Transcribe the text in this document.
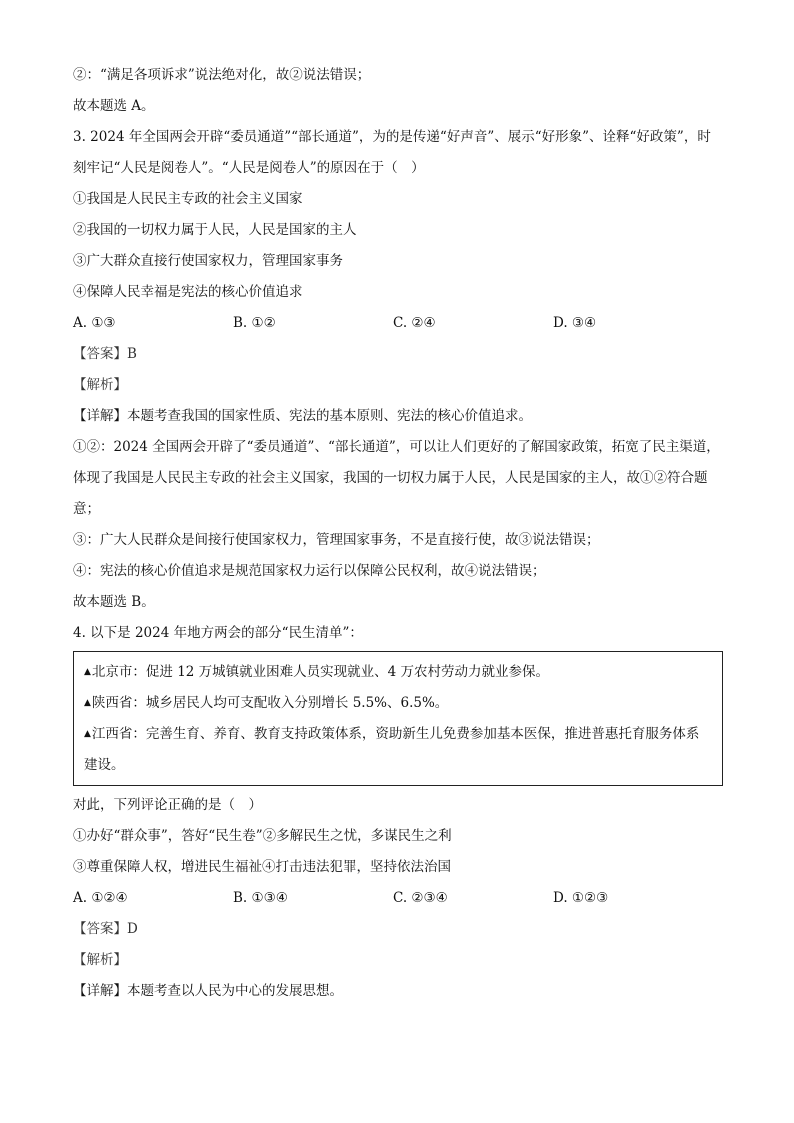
②：“满足各项诉求”说法绝对化，故②说法错误；
故本题选 A。
3. 2024 年全国两会开辟“委员通道”“部长通道”，为的是传递“好声音”、展示“好形象”、诠释“好政策”，时刻牢记“人民是阅卷人”。“人民是阅卷人”的原因在于（　）
①我国是人民民主专政的社会主义国家
②我国的一切权力属于人民，人民是国家的主人
③广大群众直接行使国家权力，管理国家事务
④保障人民幸福是宪法的核心价值追求
A. ①③	B. ①②	C. ②④	D. ③④
【答案】B
【解析】
【详解】本题考查我国的国家性质、宪法的基本原则、宪法的核心价值追求。
①②：2024 全国两会开辟了“委员通道”、“部长通道”，可以让人们更好的了解国家政策，拓宽了民主渠道，体现了我国是人民民主专政的社会主义国家，我国的一切权力属于人民，人民是国家的主人，故①②符合题意；
③：广大人民群众是间接行使国家权力，管理国家事务，不是直接行使，故③说法错误；
④：宪法的核心价值追求是规范国家权力运行以保障公民权利，故④说法错误；
故本题选 B。
4. 以下是 2024 年地方两会的部分“民生清单”：
▲北京市：促进 12 万城镇就业困难人员实现就业、4 万农村劳动力就业参保。
▲陕西省：城乡居民人均可支配收入分别增长 5.5%、6.5%。
▲江西省：完善生育、养育、教育支持政策体系，资助新生儿免费参加基本医保，推进普惠托育服务体系建设。
对此，下列评论正确的是（　）
①办好“群众事”，答好“民生卷”②多解民生之忧，多谋民生之利
③尊重保障人权，增进民生福祉④打击违法犯罪，坚持依法治国
A. ①②④	B. ①③④	C. ②③④	D. ①②③
【答案】D
【解析】
【详解】本题考查以人民为中心的发展思想。
